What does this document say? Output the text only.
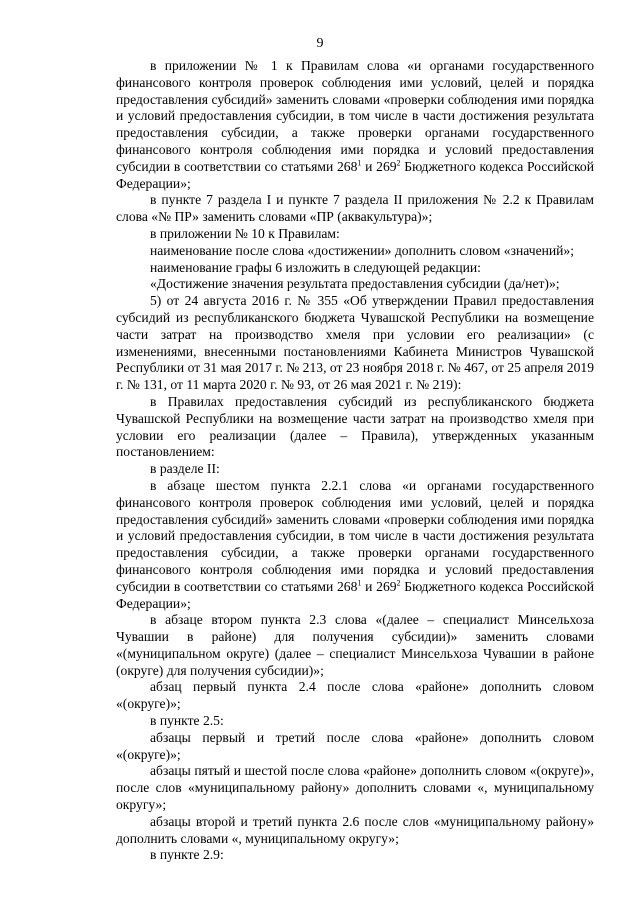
9

в приложении № 1 к Правилам слова «и органами государственного финансового контроля проверок соблюдения ими условий, целей и порядка предоставления субсидий» заменить словами «проверки соблюдения ими порядка и условий предоставления субсидии, в том числе в части достижения результата предоставления субсидии, а также проверки органами государственного финансового контроля соблюдения ими порядка и условий предоставления субсидии в соответствии со статьями $268^1$ и $269^2$ Бюджетного кодекса Российской Федерации»;

в пункте 7 раздела I и пункте 7 раздела II приложения № 2.2 к Правилам слова «№ ПР» заменить словами «ПР (аквакультура)»;

в приложении № 10 к Правилам:

наименование после слова «достижении» дополнить словом «значений»;

наименование графы 6 изложить в следующей редакции:

«Достижение значения результата предоставления субсидии (да/нет)»;

5) от 24 августа 2016 г. № 355 «Об утверждении Правил предоставления субсидий из республиканского бюджета Чувашской Республики на возмещение части затрат на производство хмеля при условии его реализации» (с изменениями, внесенными постановлениями Кабинета Министров Чувашской Республики от 31 мая 2017 г. № 213, от 23 ноября 2018 г. № 467, от 25 апреля 2019 г. № 131, от 11 марта 2020 г. № 93, от 26 мая 2021 г. № 219):

в Правилах предоставления субсидий из республиканского бюджета Чувашской Республики на возмещение части затрат на производство хмеля при условии его реализации (далее – Правила), утвержденных указанным постановлением:

в разделе II:

в абзаце шестом пункта 2.2.1 слова «и органами государственного финансового контроля проверок соблюдения ими условий, целей и порядка предоставления субсидий» заменить словами «проверки соблюдения ими порядка и условий предоставления субсидии, в том числе в части достижения результата предоставления субсидии, а также проверки органами государственного финансового контроля соблюдения ими порядка и условий предоставления субсидии в соответствии со статьями $268^1$ и $269^2$ Бюджетного кодекса Российской Федерации»;

в абзаце втором пункта 2.3 слова «(далее – специалист Минсельхоза Чувашии в районе) для получения субсидии)» заменить словами «(муниципальном округе) (далее – специалист Минсельхоза Чувашии в районе (округе) для получения субсидии)»;

абзац первый пункта 2.4 после слова «районе» дополнить словом «(округе)»;

в пункте 2.5:

абзацы первый и третий после слова «районе» дополнить словом «(округе)»;

абзацы пятый и шестой после слова «районе» дополнить словом «(округе)», после слов «муниципальному району» дополнить словами «, муниципальному округу»;

абзацы второй и третий пункта 2.6 после слов «муниципальному району» дополнить словами «, муниципальному округу»;

в пункте 2.9:
